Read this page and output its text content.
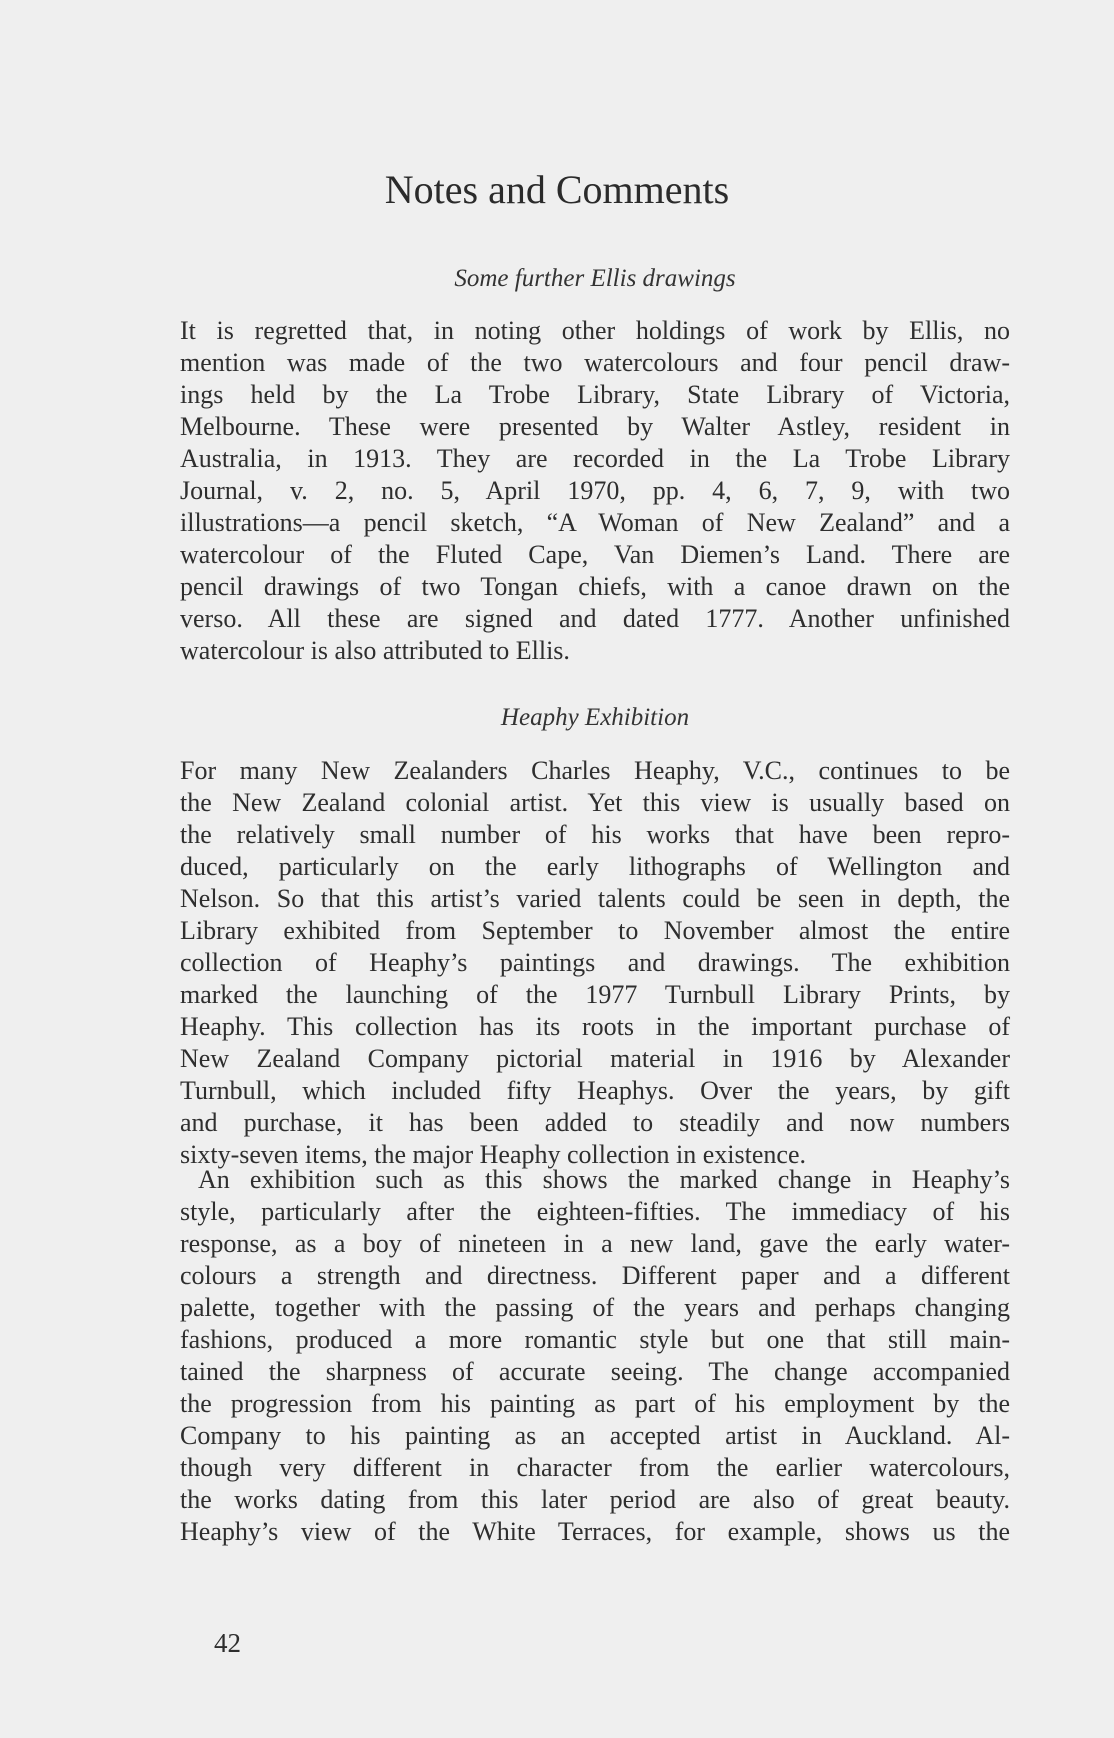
Notes and Comments
Some further Ellis drawings

It is regretted that, in noting other holdings of work by Ellis, no
mention was made of the two watercolours and four pencil draw-
ings held by the La Trobe Library, State Library of Victoria,
Melbourne. These were presented by Walter Astley, resident in
Australia, in 1913. They are recorded in the La Trobe Library
Journal, v. 2, no. 5, April 1970, pp. 4, 6, 7, 9, with two
illustrations—a pencil sketch, “A Woman of New Zealand” and a
watercolour of the Fluted Cape, Van Diemen’s Land. There are
pencil drawings of two Tongan chiefs, with a canoe drawn on the
verso. All these are signed and dated 1777. Another unfinished
watercolour is also attributed to Ellis.

Heaphy Exhibition

For many New Zealanders Charles Heaphy, V.C., continues to be
the New Zealand colonial artist. Yet this view is usually based on
the relatively small number of his works that have been repro-
duced, particularly on the early lithographs of Wellington and
Nelson. So that this artist’s varied talents could be seen in depth, the
Library exhibited from September to November almost the entire
collection of Heaphy’s paintings and drawings. The exhibition
marked the launching of the 1977 Turnbull Library Prints, by
Heaphy. This collection has its roots in the important purchase of
New Zealand Company pictorial material in 1916 by Alexander
Turnbull, which included fifty Heaphys. Over the years, by gift
and purchase, it has been added to steadily and now numbers
sixty-seven items, the major Heaphy collection in existence.

An exhibition such as this shows the marked change in Heaphy’s
style, particularly after the eighteen-fifties. The immediacy of his
response, as a boy of nineteen in a new land, gave the early water-
colours a strength and directness. Different paper and a different
palette, together with the passing of the years and perhaps changing
fashions, produced a more romantic style but one that still main-
tained the sharpness of accurate seeing. The change accompanied
the progression from his painting as part of his employment by the
Company to his painting as an accepted artist in Auckland. Al-
though very different in character from the earlier watercolours,
the works dating from this later period are also of great beauty.
Heaphy’s view of the White Terraces, for example, shows us the

42
